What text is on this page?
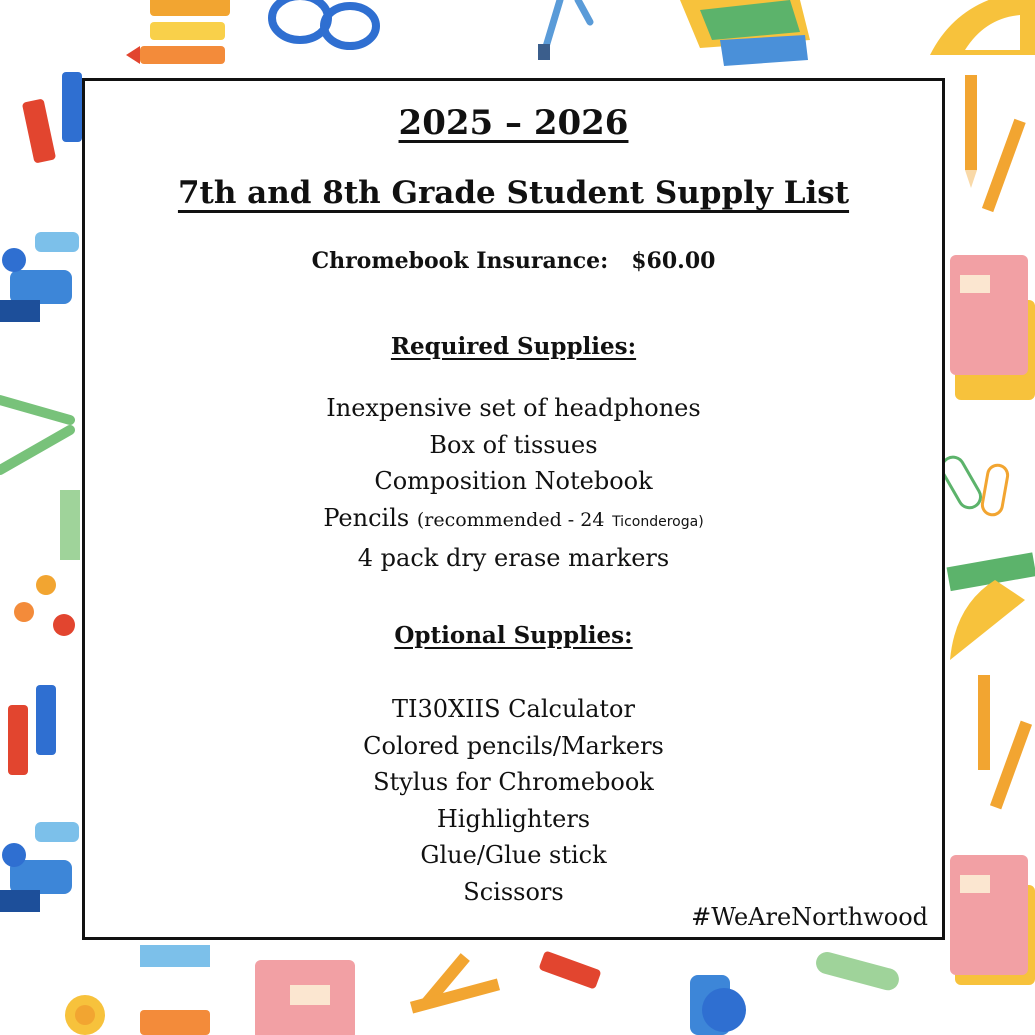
2025 – 2026
7th and 8th Grade Student Supply List
Chromebook Insurance:   $60.00
Required Supplies:
Inexpensive set of headphones
Box of tissues
Composition Notebook
Pencils (recommended - 24 Ticonderoga)
4 pack dry erase markers
Optional Supplies:
TI30XIIS Calculator
Colored pencils/Markers
Stylus for Chromebook
Highlighters
Glue/Glue stick
Scissors
#WeAreNorthwood
